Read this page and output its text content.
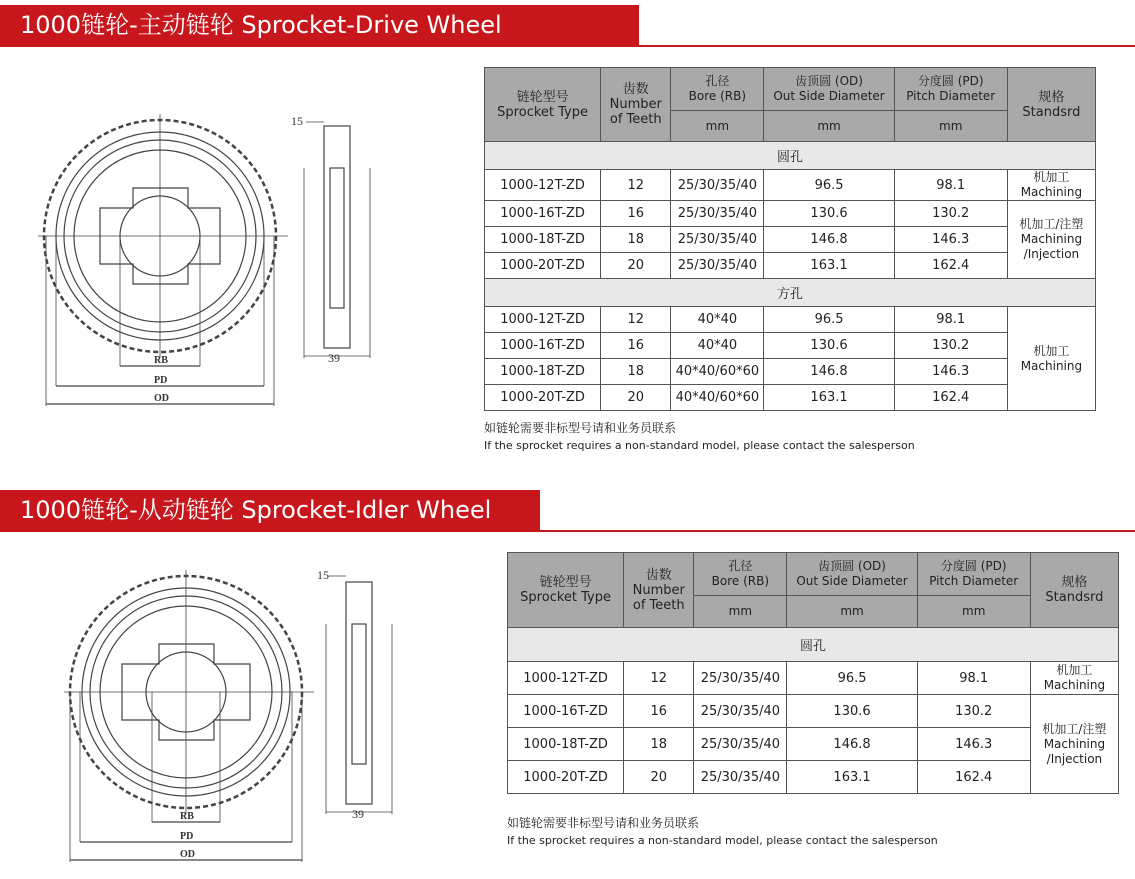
1000链轮-主动链轮 Sprocket-Drive Wheel
15
39
RB
PD
OD
链轮型号
Sprocket Type	齿数
Number
of Teeth	孔径
Bore (RB)	齿顶圆 (OD)
Out Side Diameter	分度圆 (PD)
Pitch Diameter	规格
Standsrd
		mm	mm	mm	
圆孔					
1000-12T-ZD	12	25/30/35/40	96.5	98.1	机加工
Machining
1000-16T-ZD	16	25/30/35/40	130.6	130.2	机加工/注塑
Machining
/Injection
1000-18T-ZD	18	25/30/35/40	146.8	146.3	
1000-20T-ZD	20	25/30/35/40	163.1	162.4	
方孔					
1000-12T-ZD	12	40*40	96.5	98.1	机加工
Machining
1000-16T-ZD	16	40*40	130.6	130.2	
1000-18T-ZD	18	40*40/60*60	146.8	146.3	
1000-20T-ZD	20	40*40/60*60	163.1	162.4	
如链轮需要非标型号请和业务员联系
If the sprocket requires a non-standard model, please contact the salesperson
1000链轮-从动链轮 Sprocket-Idler Wheel
15
39
RB
PD
OD
链轮型号
Sprocket Type	齿数
Number
of Teeth	孔径
Bore (RB)	齿顶圆 (OD)
Out Side Diameter	分度圆 (PD)
Pitch Diameter	规格
Standsrd
		mm	mm	mm	
圆孔					
1000-12T-ZD	12	25/30/35/40	96.5	98.1	机加工
Machining
1000-16T-ZD	16	25/30/35/40	130.6	130.2	机加工/注塑
Machining
/Injection
1000-18T-ZD	18	25/30/35/40	146.8	146.3	
1000-20T-ZD	20	25/30/35/40	163.1	162.4	
如链轮需要非标型号请和业务员联系
If the sprocket requires a non-standard model, please contact the salesperson
